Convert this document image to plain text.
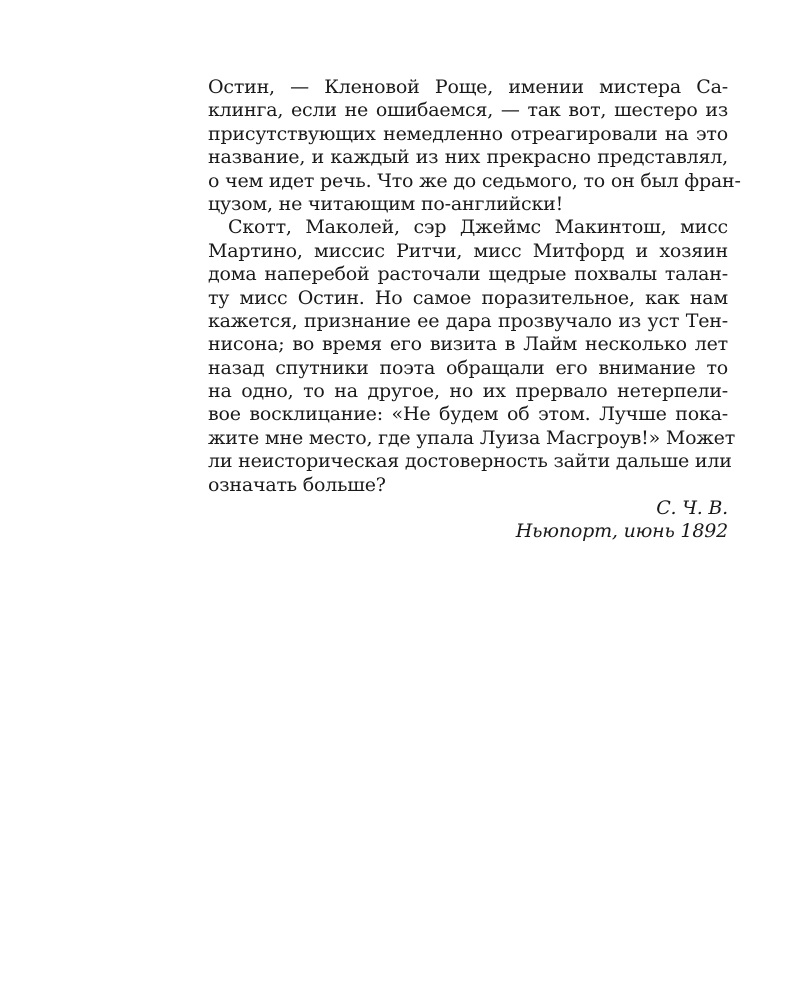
Остин, — Кленовой Роще, имении мистера Са-
клинга, если не ошибаемся, — так вот, шестеро из
присутствующих немедленно отреагировали на это
название, и каждый из них прекрасно представлял,
о чем идет речь. Что же до седьмого, то он был фран-
цузом, не читающим по-английски!
Скотт, Маколей, сэр Джеймс Макинтош, мисс
Мартино, миссис Ритчи, мисс Митфорд и хозяин
дома наперебой расточали щедрые похвалы талан-
ту мисс Остин. Но самое поразительное, как нам
кажется, признание ее дара прозвучало из уст Тен-
нисона; во время его визита в Лайм несколько лет
назад спутники поэта обращали его внимание то
на одно, то на другое, но их прервало нетерпели-
вое восклицание: «Не будем об этом. Лучше пока-
жите мне место, где упала Луиза Масгроув!» Может
ли неисторическая достоверность зайти дальше или
означать больше?
С. Ч. В.
Ньюпорт, июнь 1892
